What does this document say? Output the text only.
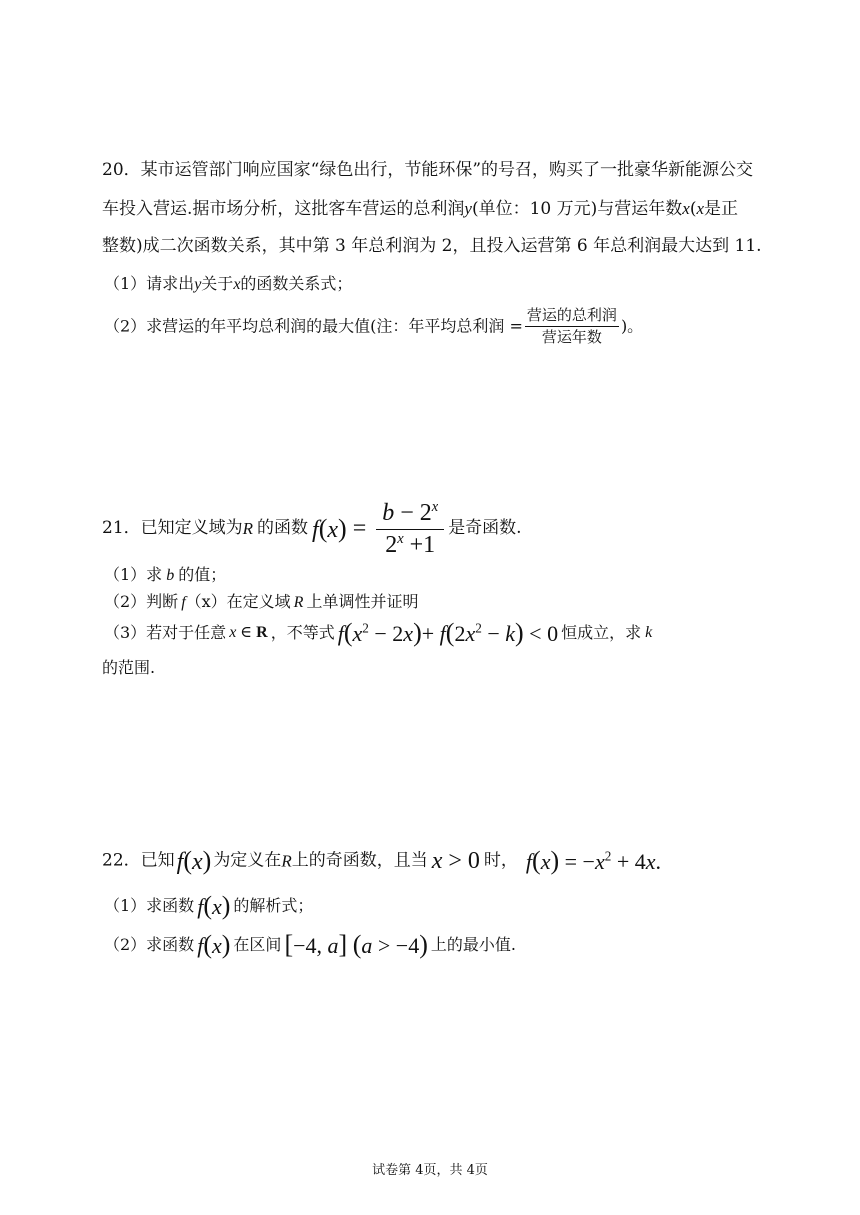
20．某市运管部门响应国家“绿色出行，节能环保”的号召，购买了一批豪华新能源公交
车投入营运.据市场分析，这批客车营运的总利润y(单位：10 万元)与营运年数x(x是正
整数)成二次函数关系，其中第 3 年总利润为 2，且投入运营第 6 年总利润最大达到 11.
（1）请求出y关于x的函数关系式；
（2）求营运的年平均总利润的最大值(注：年平均总利润 = $\frac{\text{营运的总利润}}{\text{营运年数}}$ )。
21．已知定义域为R 的函数 $f(x) = \frac{b - 2^x}{2^x +1}$ 是奇函数.
（1）求 b 的值；
（2）判断 f（x）在定义域 R 上单调性并证明
（3）若对于任意 x ∈ R ，不等式 $f(x^2 - 2x)+ f(2x^2 - k) < 0$ 恒成立，求 k
的范围.
22．已知f(x) 为定义在R上的奇函数，且当 x > 0 时， $f(x) = -x^2 + 4x$.
（1）求函数 f(x) 的解析式；
（2）求函数 f(x) 在区间 [−4, a] (a > −4) 上的最小值.
试卷第 4页，共 4页
